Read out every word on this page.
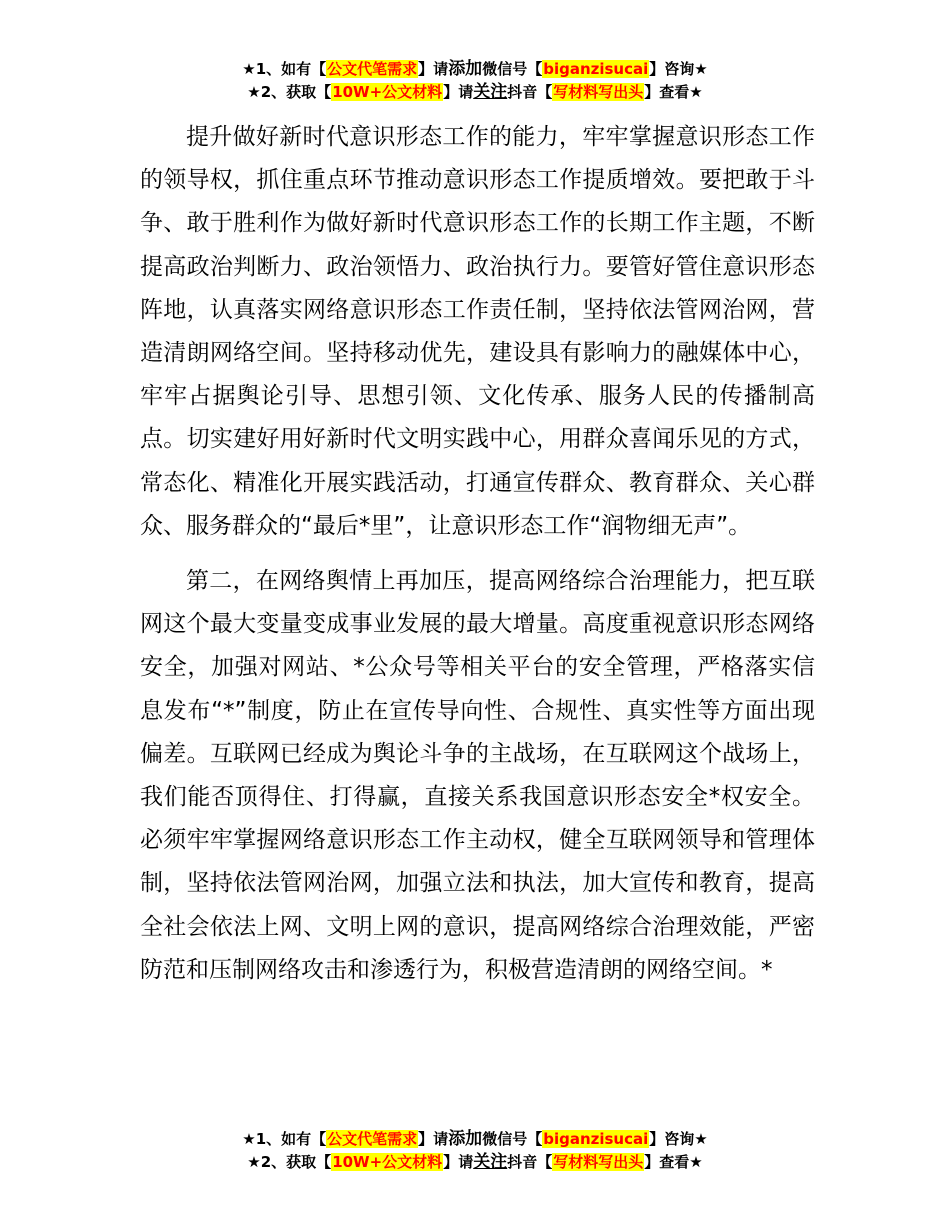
★1、如有【公文代笔需求】请添加微信号【biganzisucai】咨询★
★2、获取【10W+公文材料】请关注抖音【写材料写出头】查看★

提升做好新时代意识形态工作的能力，牢牢掌握意识形态工作的领导权，抓住重点环节推动意识形态工作提质增效。要把敢于斗争、敢于胜利作为做好新时代意识形态工作的长期工作主题，不断提高政治判断力、政治领悟力、政治执行力。要管好管住意识形态阵地，认真落实网络意识形态工作责任制，坚持依法管网治网，营造清朗网络空间。坚持移动优先，建设具有影响力的融媒体中心，牢牢占据舆论引导、思想引领、文化传承、服务人民的传播制高点。切实建好用好新时代文明实践中心，用群众喜闻乐见的方式，常态化、精准化开展实践活动，打通宣传群众、教育群众、关心群众、服务群众的“最后*里”，让意识形态工作“润物细无声”。

第二，在网络舆情上再加压，提高网络综合治理能力，把互联网这个最大变量变成事业发展的最大增量。高度重视意识形态网络安全，加强对网站、*公众号等相关平台的安全管理，严格落实信息发布“*”制度，防止在宣传导向性、合规性、真实性等方面出现偏差。互联网已经成为舆论斗争的主战场，在互联网这个战场上，我们能否顶得住、打得赢，直接关系我国意识形态安全*权安全。必须牢牢掌握网络意识形态工作主动权，健全互联网领导和管理体制，坚持依法管网治网，加强立法和执法，加大宣传和教育，提高全社会依法上网、文明上网的意识，提高网络综合治理效能，严密防范和压制网络攻击和渗透行为，积极营造清朗的网络空间。*

★1、如有【公文代笔需求】请添加微信号【biganzisucai】咨询★
★2、获取【10W+公文材料】请关注抖音【写材料写出头】查看★
